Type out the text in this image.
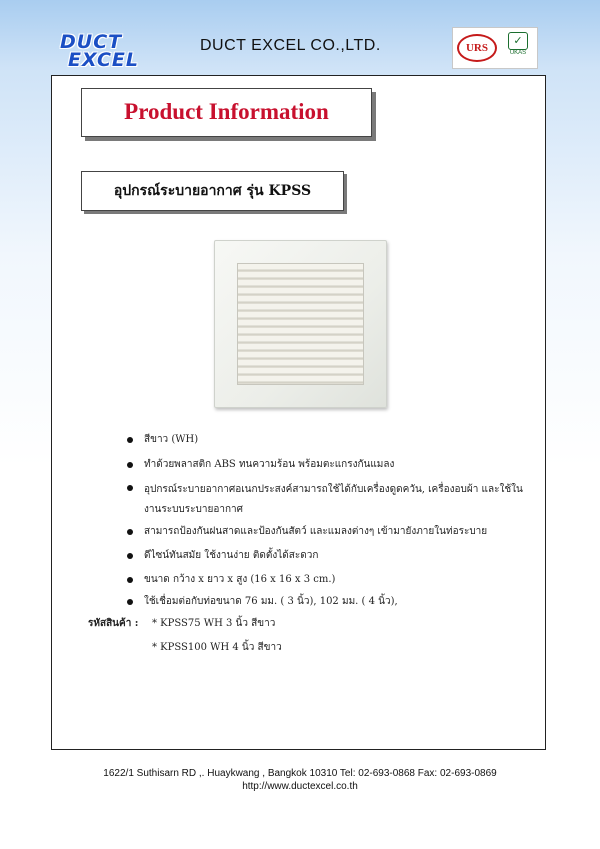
DUCT
EXCEL
DUCT EXCEL CO.,LTD.	URS
✓
UKAS
Product Information
อุปกรณ์ระบายอากาศ รุ่น KPSS
สีขาว (WH)
ทำด้วยพลาสติก ABS ทนความร้อน พร้อมตะแกรงกันแมลง
อุปกรณ์ระบายอากาศอเนกประสงค์สามารถใช้ได้กับเครื่องดูดควัน, เครื่องอบผ้า และใช้ในงานระบบระบายอากาศ
สามารถป้องกันฝนสาดและป้องกันสัตว์ และแมลงต่างๆ เข้ามายังภายในท่อระบาย
ดีไซน์ทันสมัย ใช้งานง่าย ติดตั้งได้สะดวก
ขนาด กว้าง x ยาว x สูง (16 x 16 x 3 cm.)
ใช้เชื่อมต่อกับท่อขนาด 76 มม. ( 3 นิ้ว), 102 มม. ( 4 นิ้ว),
รหัสสินค้า : * KPSS75 WH 3 นิ้ว สีขาว
* KPSS100 WH 4 นิ้ว สีขาว
1622/1 Suthisarn RD ,. Huaykwang , Bangkok 10310 Tel: 02-693-0868 Fax: 02-693-0869
http://www.ductexcel.co.th
